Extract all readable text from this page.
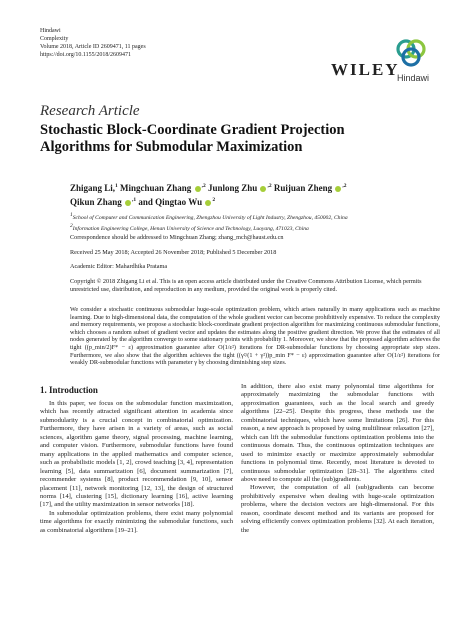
Hindawi
Complexity
Volume 2018, Article ID 2609471, 11 pages
https://doi.org/10.1155/2018/2609471
WILEY
Hindawi
Research Article
Stochastic Block-Coordinate Gradient Projection Algorithms for Submodular Maximization
Zhigang Li,$^1$ Mingchuan Zhang $^{,2}$ Junlong Zhu $^{,2}$ Ruijuan Zheng $^{,2}$
Qikun Zhang $^{,1}$ and Qingtao Wu $^2$
$^1$School of Computer and Communication Engineering, Zhengzhou University of Light Industry, Zhengzhou, 450002, China
$^2$Information Engineering College, Henan University of Science and Technology, Luoyang, 471023, China
Correspondence should be addressed to Mingchuan Zhang; zhang_mch@haust.edu.cn
Received 25 May 2018; Accepted 26 November 2018; Published 5 December 2018
Academic Editor: Mahardhika Pratama
Copyright © 2018 Zhigang Li et al. This is an open access article distributed under the Creative Commons Attribution License, which permits unrestricted use, distribution, and reproduction in any medium, provided the original work is properly cited.
We consider a stochastic continuous submodular huge-scale optimization problem, which arises naturally in many applications such as machine learning. Due to high-dimensional data, the computation of the whole gradient vector can become prohibitively expensive. To reduce the complexity and memory requirements, we propose a stochastic block-coordinate gradient projection algorithm for maximizing continuous submodular functions, which chooses a random subset of gradient vector and updates the estimates along the positive gradient direction. We prove that the estimates of all nodes generated by the algorithm converge to some stationary points with probability 1. Moreover, we show that the proposed algorithm achieves the tight ((p_min/2)F* − ε) approximation guarantee after O(1/ε²) iterations for DR-submodular functions by choosing appropriate step sizes. Furthermore, we also show that the algorithm achieves the tight ((γ²/(1 + γ²))p_min F* − ε) approximation guarantee after O(1/ε²) iterations for weakly DR-submodular functions with parameter γ by choosing diminishing step sizes.
1. Introduction

In this paper, we focus on the submodular function maximization, which has recently attracted significant attention in academia since submodularity is a crucial concept in combinatorial optimization. Furthermore, they have arisen in a variety of areas, such as social sciences, algorithm game theory, signal processing, machine learning, and computer vision. Furthermore, submodular functions have found many applications in the applied mathematics and computer science, such as probabilistic models [1, 2], crowd teaching [3, 4], representation learning [5], data summarization [6], document summarization [7], recommender systems [8], product recommendation [9, 10], sensor placement [11], network monitoring [12, 13], the design of structured norms [14], clustering [15], dictionary learning [16], active learning [17], and the utility maximization in sensor networks [18].

In submodular optimization problems, there exist many polynomial time algorithms for exactly minimizing the submodular functions, such as combinatorial algorithms [19–21].

In addition, there also exist many polynomial time algorithms for approximately maximizing the submodular functions with approximation guarantees, such as the local search and greedy algorithms [22–25]. Despite this progress, these methods use the combinatorial techniques, which have some limitations [26]. For this reason, a new approach is proposed by using multilinear relaxation [27], which can lift the submodular functions optimization problems into the continuous domain. Thus, the continuous optimization techniques are used to minimize exactly or maximize approximately submodular functions in polynomial time. Recently, most literature is devoted to continuous submodular optimization [28–31]. The algorithms cited above need to compute all the (sub)gradients.

However, the computation of all (sub)gradients can become prohibitively expensive when dealing with huge-scale optimization problems, where the decision vectors are high-dimensional. For this reason, coordinate descent method and its variants are proposed for solving efficiently convex optimization problems [32]. At each iteration, the
